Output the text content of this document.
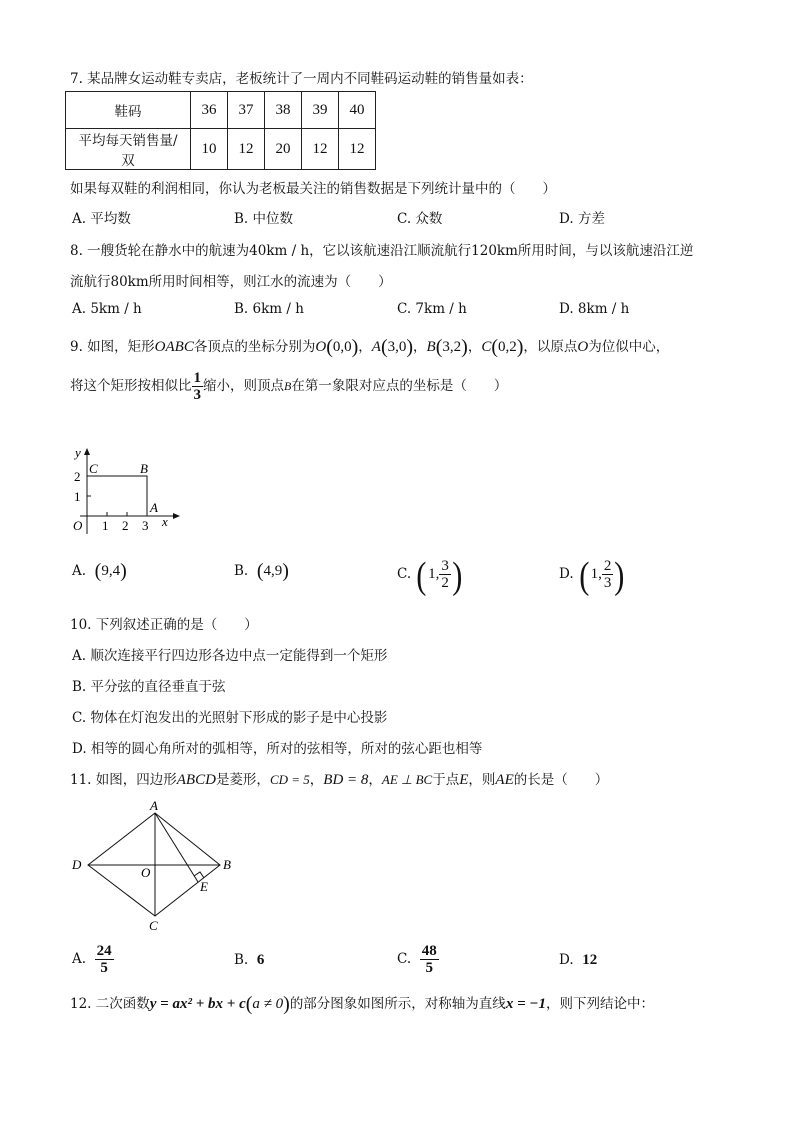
7. 某品牌女运动鞋专卖店，老板统计了一周内不同鞋码运动鞋的销售量如表：
鞋码	36	37	38	39	40
平均每天销售量/双	10	12	20	12	12
如果每双鞋的利润相同，你认为老板最关注的销售数据是下列统计量中的（　　）
A. 平均数	B. 中位数	C. 众数	D. 方差
8. 一艘货轮在静水中的航速为40km / h，它以该航速沿江顺流航行120km所用时间，与以该航速沿江逆
流航行80km所用时间相等，则江水的流速为（　　）
A. 5km / h	B. 6km / h	C. 7km / h	D. 8km / h
9. 如图，矩形OABC各顶点的坐标分别为O(0,0)，A(3,0)，B(3,2)，C(0,2)，以原点O为位似中心，
将这个矩形按相似比 $\frac{1}{3}$ 缩小，则顶点B在第一象限对应点的坐标是（　　）
y
x
2
1
1 2 3
O
A
B
C
A. (9,4)	B. (4,9)	C. (1, $\frac{3}{2}$ )	D. (1, $\frac{2}{3}$ )
10. 下列叙述正确的是（　　）
A. 顺次连接平行四边形各边中点一定能得到一个矩形
B. 平分弦的直径垂直于弦
C. 物体在灯泡发出的光照射下形成的影子是中心投影
D. 相等的圆心角所对的弧相等，所对的弦相等，所对的弦心距也相等
11. 如图，四边形ABCD是菱形，CD = 5，BD = 8，AE ⊥ BC于点E，则AE的长是（　　）
A
B
C
D
O
E
A. $\frac{24}{5}$	B. 6	C. $\frac{48}{5}$	D. 12
12. 二次函数y = ax² + bx + c(a ≠ 0)的部分图象如图所示，对称轴为直线x = −1，则下列结论中：
